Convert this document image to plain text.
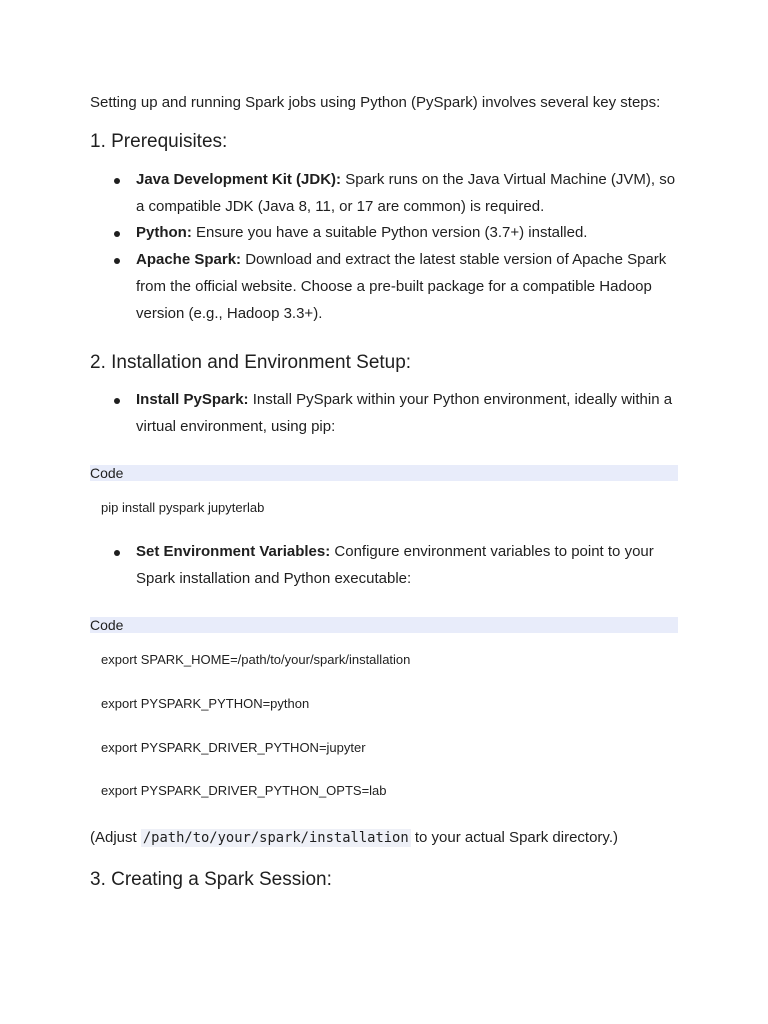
Setting up and running Spark jobs using Python (PySpark) involves several key steps:

1. Prerequisites:
Java Development Kit (JDK): Spark runs on the Java Virtual Machine (JVM), so a compatible JDK (Java 8, 11, or 17 are common) is required.
Python: Ensure you have a suitable Python version (3.7+) installed.
Apache Spark: Download and extract the latest stable version of Apache Spark from the official website. Choose a pre-built package for a compatible Hadoop version (e.g., Hadoop 3.3+).
2. Installation and Environment Setup:
Install PySpark: Install PySpark within your Python environment, ideally within a virtual environment, using pip:
Code
pip install pyspark jupyterlab
Set Environment Variables: Configure environment variables to point to your Spark installation and Python executable:
Code
export SPARK_HOME=/path/to/your/spark/installation
export PYSPARK_PYTHON=python
export PYSPARK_DRIVER_PYTHON=jupyter
export PYSPARK_DRIVER_PYTHON_OPTS=lab

(Adjust /path/to/your/spark/installation to your actual Spark directory.)

3. Creating a Spark Session:
